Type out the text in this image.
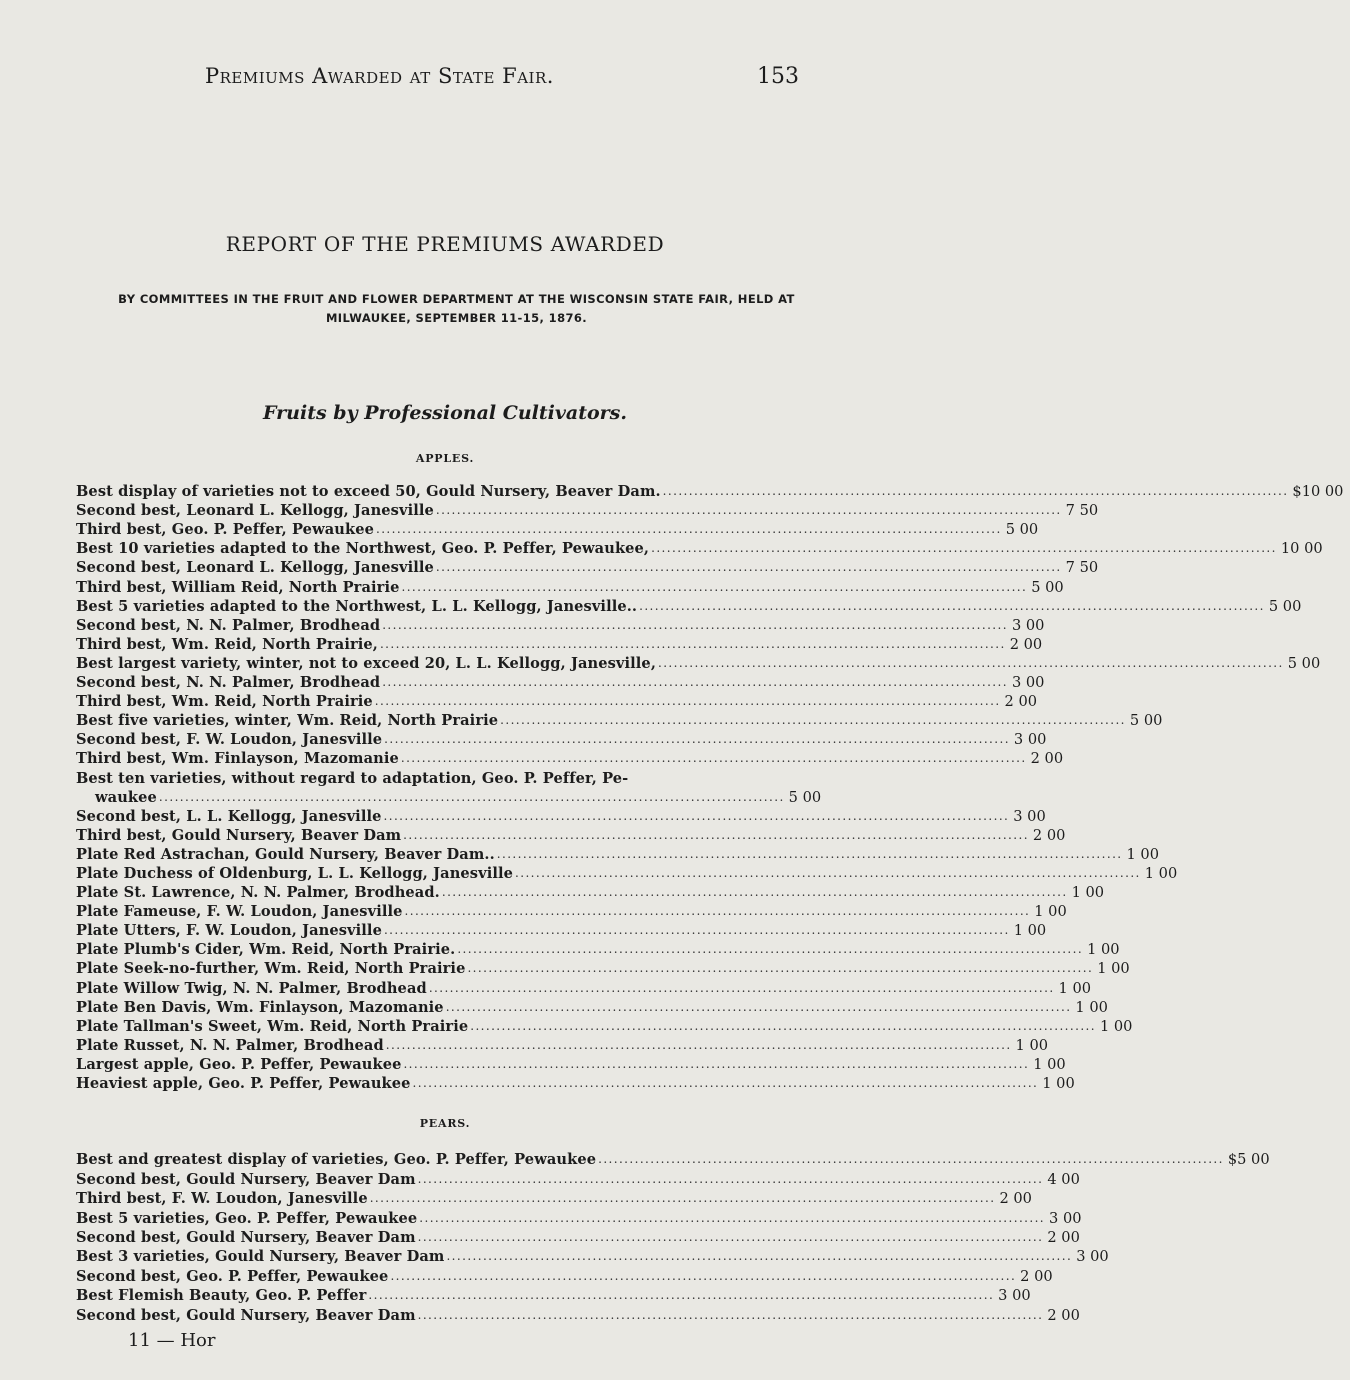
Premiums Awarded at State Fair.	153
REPORT OF THE PREMIUMS AWARDED
BY COMMITTEES IN THE FRUIT AND FLOWER DEPARTMENT AT THE WISCONSIN STATE FAIR, HELD AT MILWAUKEE, SEPTEMBER 11-15, 1876.
Fruits by Professional Cultivators.
APPLES.
Best display of varieties not to exceed 50, Gould Nursery, Beaver Dam. ........................................................................................................................ $10 00
Second best, Leonard L. Kellogg, Janesville ........................................................................................................................ 7 50
Third best, Geo. P. Peffer, Pewaukee ........................................................................................................................ 5 00
Best 10 varieties adapted to the Northwest, Geo. P. Peffer, Pewaukee, ........................................................................................................................ 10 00
Second best, Leonard L. Kellogg, Janesville ........................................................................................................................ 7 50
Third best, William Reid, North Prairie ........................................................................................................................ 5 00
Best 5 varieties adapted to the Northwest, L. L. Kellogg, Janesville.. ........................................................................................................................ 5 00
Second best, N. N. Palmer, Brodhead ........................................................................................................................ 3 00
Third best, Wm. Reid, North Prairie, ........................................................................................................................ 2 00
Best largest variety, winter, not to exceed 20, L. L. Kellogg, Janesville, ........................................................................................................................ 5 00
Second best, N. N. Palmer, Brodhead ........................................................................................................................ 3 00
Third best, Wm. Reid, North Prairie ........................................................................................................................ 2 00
Best five varieties, winter, Wm. Reid, North Prairie ........................................................................................................................ 5 00
Second best, F. W. Loudon, Janesville ........................................................................................................................ 3 00
Third best, Wm. Finlayson, Mazomanie ........................................................................................................................ 2 00
Best ten varieties, without regard to adaptation, Geo. P. Peffer, Pe-
waukee ........................................................................................................................ 5 00
Second best, L. L. Kellogg, Janesville ........................................................................................................................ 3 00
Third best, Gould Nursery, Beaver Dam ........................................................................................................................ 2 00
Plate Red Astrachan, Gould Nursery, Beaver Dam.. ........................................................................................................................ 1 00
Plate Duchess of Oldenburg, L. L. Kellogg, Janesville ........................................................................................................................ 1 00
Plate St. Lawrence, N. N. Palmer, Brodhead. ........................................................................................................................ 1 00
Plate Fameuse, F. W. Loudon, Janesville ........................................................................................................................ 1 00
Plate Utters, F. W. Loudon, Janesville ........................................................................................................................ 1 00
Plate Plumb's Cider, Wm. Reid, North Prairie. ........................................................................................................................ 1 00
Plate Seek-no-further, Wm. Reid, North Prairie ........................................................................................................................ 1 00
Plate Willow Twig, N. N. Palmer, Brodhead ........................................................................................................................ 1 00
Plate Ben Davis, Wm. Finlayson, Mazomanie ........................................................................................................................ 1 00
Plate Tallman's Sweet, Wm. Reid, North Prairie ........................................................................................................................ 1 00
Plate Russet, N. N. Palmer, Brodhead ........................................................................................................................ 1 00
Largest apple, Geo. P. Peffer, Pewaukee ........................................................................................................................ 1 00
Heaviest apple, Geo. P. Peffer, Pewaukee ........................................................................................................................ 1 00
PEARS.
Best and greatest display of varieties, Geo. P. Peffer, Pewaukee ........................................................................................................................ $5 00
Second best, Gould Nursery, Beaver Dam ........................................................................................................................ 4 00
Third best, F. W. Loudon, Janesville ........................................................................................................................ 2 00
Best 5 varieties, Geo. P. Peffer, Pewaukee ........................................................................................................................ 3 00
Second best, Gould Nursery, Beaver Dam ........................................................................................................................ 2 00
Best 3 varieties, Gould Nursery, Beaver Dam ........................................................................................................................ 3 00
Second best, Geo. P. Peffer, Pewaukee ........................................................................................................................ 2 00
Best Flemish Beauty, Geo. P. Peffer ........................................................................................................................ 3 00
Second best, Gould Nursery, Beaver Dam ........................................................................................................................ 2 00
11 — Hor
